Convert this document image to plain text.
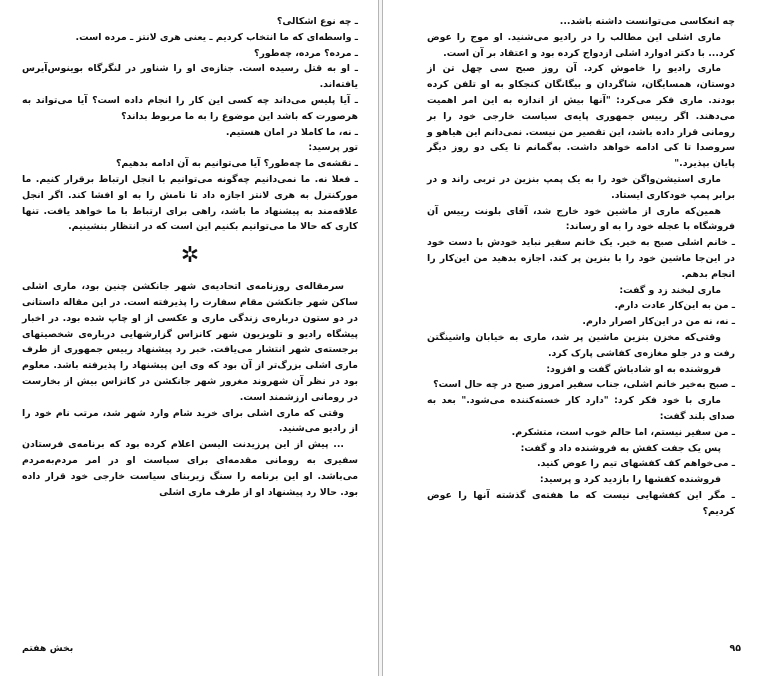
ـ چه نوع اشکالی؟

ـ واسطه‌ای که ما انتخاب کردیم ـ یعنی هری لانتز ـ مرده است.

ـ مرده؟ مرده، چه‌طور؟

ـ او به قتل رسیده است. جنازه‌ی او را شناور در لنگرگاه بوینوس‌آیرس یافته‌اند.

ـ آیا پلیس می‌داند چه کسی این کار را انجام داده است؟ آیا می‌تواند به هرصورت که باشد این موضوع را به ما مربوط بداند؟

ـ نه، ما کاملا در امان هستیم.

تور پرسید:

ـ نقشه‌ی ما چه‌طور؟ آیا می‌توانیم به آن ادامه بدهیم؟

ـ فعلا نه. ما نمی‌دانیم چه‌گونه می‌توانیم با انجل ارتباط برقرار کنیم. ما مورکنترل به هری لانتز اجازه داد تا نامش را به او افشا کند. اگر انجل علاقه‌مند به پیشنهاد ما باشد، راهی برای ارتباط با ما خواهد یافت. تنها کاری که حالا ما می‌توانیم بکنیم این است که در انتظار بنشینیم.

✲

سرمقاله‌ی روزنامه‌ی اتحادیه‌ی شهر جانکشن چنین بود، ماری اشلی ساکن شهر جانکشن مقام سفارت را پذیرفته است. در این مقاله داستانی در دو ستون درباره‌ی زندگی ماری و عکسی از او چاپ شده بود. در اخبار پیشگاه رادیو و تلویزیون شهر کانزاس گزارشهایی درباره‌ی شخصیتهای برجسته‌ی شهر انتشار می‌یافت. خبر رد پیشنهاد رییس جمهوری از طرف ماری اشلی بزرگ‌تر از آن بود که وی این پیشنهاد را پذیرفته باشد. معلوم بود در نظر آن شهروند مغرور شهر جانکشن در کانزاس بیش از بخارست در رومانی ارزشمند است.

وقتی که ماری اشلی برای خرید شام وارد شهر شد، مرتب نام خود را از رادیو می‌شنید.

... پیش از این پرزیدنت الیسن اعلام کرده بود که برنامه‌ی فرستادن سفیری به رومانی مقدمه‌ای برای سیاست او در امر مردم‌به‌مردم می‌باشد. او این برنامه را سنگ زیربنای سیاست خارجی خود قرار داده بود. حالا رد پیشنهاد او از طرف ماری اشلی

۹۵
بخش هفتم

چه انعکاسی می‌توانست داشته باشد...

ماری اشلی این مطالب را در رادیو می‌شنید. او موج را عوض کرد... با دکتر ادوارد اشلی ازدواج کرده بود و اعتقاد بر آن است.

ماری رادیو را خاموش کرد. آن روز صبح سی چهل تن از دوستان، همسایگان، شاگردان و بیگانگان کنجکاو به او تلفن کرده بودند. ماری فکر می‌کرد: "آنها بیش از اندازه به این امر اهمیت می‌دهند. اگر رییس جمهوری پایه‌ی سیاست خارجی خود را بر رومانی قرار داده باشد، این تقصیر من نیست. نمی‌دانم این هیاهو و سروصدا تا کی ادامه خواهد داشت. به‌گمانم تا یکی دو روز دیگر پایان بپذیرد."

ماری استیشن‌واگن خود را به یک پمپ بنزین در تربی راند و در برابر پمپ خودکاری ایستاد.

همین‌که ماری از ماشین خود خارج شد، آقای بلونت رییس آن فروشگاه با عجله خود را به او رساند:

ـ خانم اشلی صبح به خیر. یک خانم سفیر نباید خودش با دست خود در این‌جا ماشین خود را با بنزین پر کند. اجازه بدهید من این‌کار را انجام بدهم.

ماری لبخند زد و گفت:

ـ من به این‌کار عادت دارم.

ـ نه، نه من در این‌کار اصرار دارم.

وقتی‌که مخزن بنزین ماشین پر شد، ماری به خیابان واشینگتن رفت و در جلو مغازه‌ی کفاشی پارک کرد.

فروشنده به او شادباش گفت و افزود:

ـ صبح به‌خیر خانم اشلی، جناب سفیر امروز صبح در چه حال است؟

ماری با خود فکر کرد: "دارد کار خسته‌کننده می‌شود." بعد به صدای بلند گفت:

ـ من سفیر نیستم، اما حالم خوب است، متشکرم.

پس یک جفت کفش به فروشنده داد و گفت:

ـ می‌خواهم کف کفشهای تیم را عوض کنید.

فروشنده کفشها را بازدید کرد و پرسید:

ـ مگر این کفشهایی نیست که ما هفته‌ی گذشته آنها را عوض کردیم؟
